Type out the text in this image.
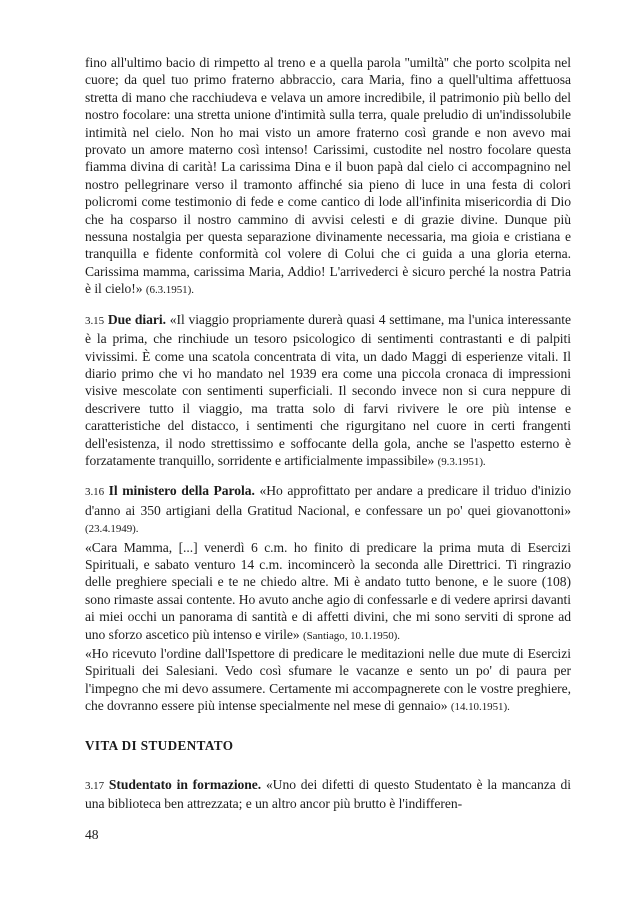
fino all'ultimo bacio di rimpetto al treno e a quella parola ''umiltà'' che porto scolpita nel cuore; da quel tuo primo fraterno abbraccio, cara Maria, fino a quell'ultima affettuosa stretta di mano che racchiudeva e velava un amore incredibile, il patrimonio più bello del nostro focolare: una stretta unione d'intimità sulla terra, quale preludio di un'indissolubile intimità nel cielo. Non ho mai visto un amore fraterno così grande e non avevo mai provato un amore materno così intenso! Carissimi, custodite nel nostro focolare questa fiamma divina di carità! La carissima Dina e il buon papà dal cielo ci accompagnino nel nostro pellegrinare verso il tramonto affinché sia pieno di luce in una festa di colori policromi come testimonio di fede e come cantico di lode all'infinita misericordia di Dio che ha cosparso il nostro cammino di avvisi celesti e di grazie divine. Dunque più nessuna nostalgia per questa separazione divinamente necessaria, ma gioia e cristiana e tranquilla e fidente conformità col volere di Colui che ci guida a una gloria eterna. Carissima mamma, carissima Maria, Addio! L'arrivederci è sicuro perché la nostra Patria è il cielo!» (6.3.1951).

3.15 Due diari. «Il viaggio propriamente durerà quasi 4 settimane, ma l'unica interessante è la prima, che rinchiude un tesoro psicologico di sentimenti contrastanti e di palpiti vivissimi. È come una scatola concentrata di vita, un dado Maggi di esperienze vitali. Il diario primo che vi ho mandato nel 1939 era come una piccola cronaca di impressioni visive mescolate con sentimenti superficiali. Il secondo invece non si cura neppure di descrivere tutto il viaggio, ma tratta solo di farvi rivivere le ore più intense e caratteristiche del distacco, i sentimenti che rigurgitano nel cuore in certi frangenti dell'esistenza, il nodo strettissimo e soffocante della gola, anche se l'aspetto esterno è forzatamente tranquillo, sorridente e artificialmente impassibile» (9.3.1951).

3.16 Il ministero della Parola. «Ho approfittato per andare a predicare il triduo d'inizio d'anno ai 350 artigiani della Gratitud Nacional, e confessare un po' quei giovanottoni» (23.4.1949).

«Cara Mamma, [...] venerdì 6 c.m. ho finito di predicare la prima muta di Esercizi Spirituali, e sabato venturo 14 c.m. incomincerò la seconda alle Direttrici. Ti ringrazio delle preghiere speciali e te ne chiedo altre. Mi è andato tutto benone, e le suore (108) sono rimaste assai contente. Ho avuto anche agio di confessarle e di vedere aprirsi davanti ai miei occhi un panorama di santità e di affetti divini, che mi sono serviti di sprone ad uno sforzo ascetico più intenso e virile» (Santiago, 10.1.1950).

«Ho ricevuto l'ordine dall'Ispettore di predicare le meditazioni nelle due mute di Esercizi Spirituali dei Salesiani. Vedo così sfumare le vacanze e sento un po' di paura per l'impegno che mi devo assumere. Certamente mi accompagnerete con le vostre preghiere, che dovranno essere più intense specialmente nel mese di gennaio» (14.10.1951).

VITA DI STUDENTATO

3.17 Studentato in formazione. «Uno dei difetti di questo Studentato è la mancanza di una biblioteca ben attrezzata; e un altro ancor più brutto è l'indifferen-

48
